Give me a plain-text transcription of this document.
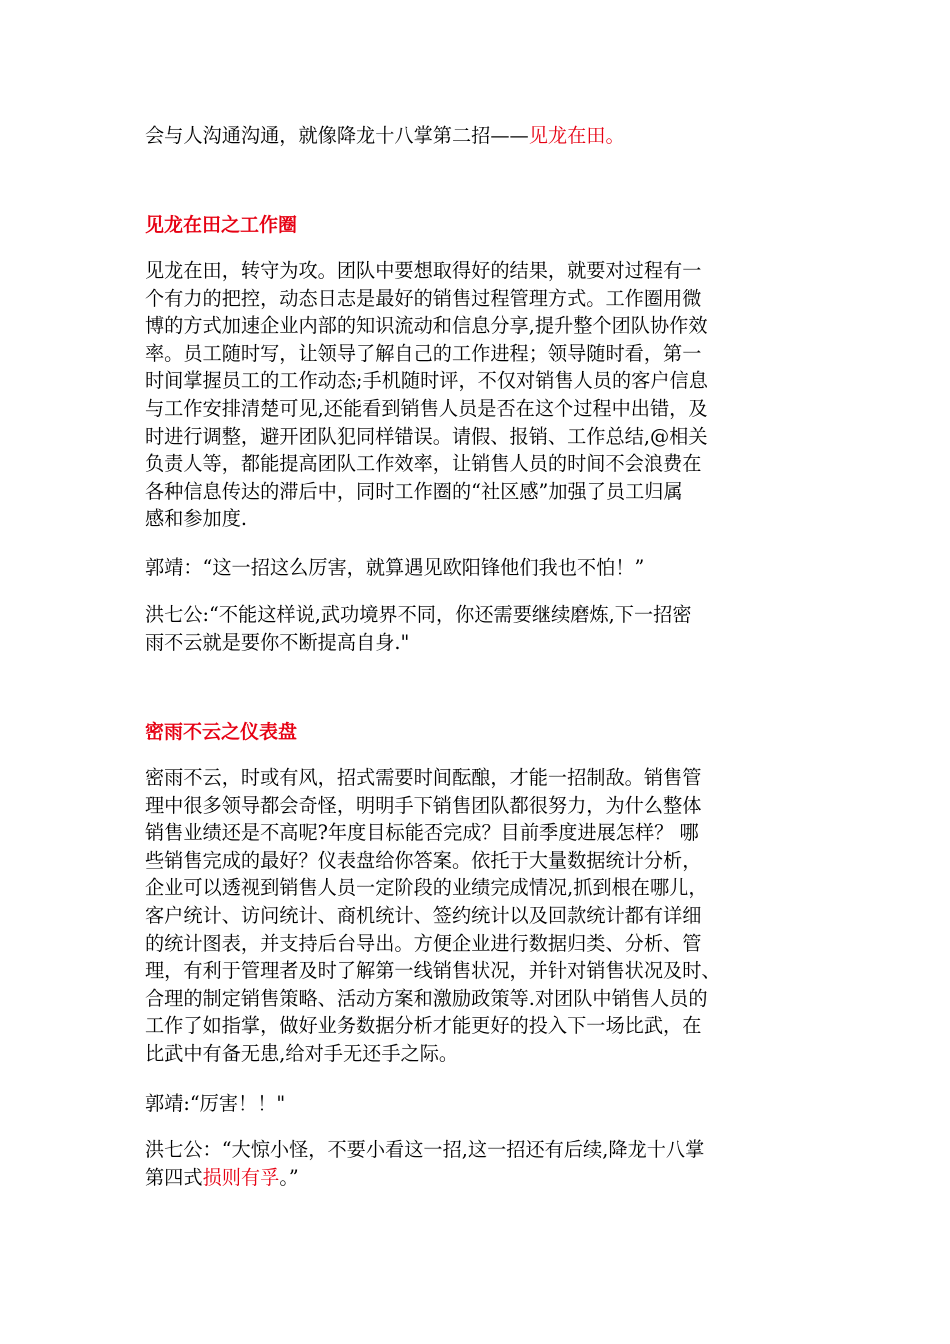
会与人沟通沟通，就像降龙十八掌第二招——见龙在田。
见龙在田之工作圈
见龙在田，转守为攻。团队中要想取得好的结果，就要对过程有一
个有力的把控，动态日志是最好的销售过程管理方式。工作圈用微
博的方式加速企业内部的知识流动和信息分享,提升整个团队协作效
率。员工随时写，让领导了解自己的工作进程；领导随时看，第一
时间掌握员工的工作动态;手机随时评，不仅对销售人员的客户信息
与工作安排清楚可见,还能看到销售人员是否在这个过程中出错，及
时进行调整，避开团队犯同样错误。请假、报销、工作总结,@相关
负责人等，都能提高团队工作效率，让销售人员的时间不会浪费在
各种信息传达的滞后中，同时工作圈的“社区感”加强了员工归属
感和参加度.
郭靖：“这一招这么厉害，就算遇见欧阳锋他们我也不怕！”
洪七公:“不能这样说,武功境界不同，你还需要继续磨炼,下一招密
雨不云就是要你不断提高自身."
密雨不云之仪表盘
密雨不云，时或有风，招式需要时间酝酿，才能一招制敌。销售管
理中很多领导都会奇怪，明明手下销售团队都很努力，为什么整体
销售业绩还是不高呢?年度目标能否完成？目前季度进展怎样？ 哪
些销售完成的最好？仪表盘给你答案。依托于大量数据统计分析，
企业可以透视到销售人员一定阶段的业绩完成情况,抓到根在哪儿，
客户统计、访问统计、商机统计、签约统计以及回款统计都有详细
的统计图表，并支持后台导出。方便企业进行数据归类、分析、管
理，有利于管理者及时了解第一线销售状况，并针对销售状况及时、
合理的制定销售策略、活动方案和激励政策等.对团队中销售人员的
工作了如指掌，做好业务数据分析才能更好的投入下一场比武，在
比武中有备无患,给对手无还手之际。
郭靖:“厉害！！"
洪七公：“大惊小怪，不要小看这一招,这一招还有后续,降龙十八掌
第四式损则有孚。”
